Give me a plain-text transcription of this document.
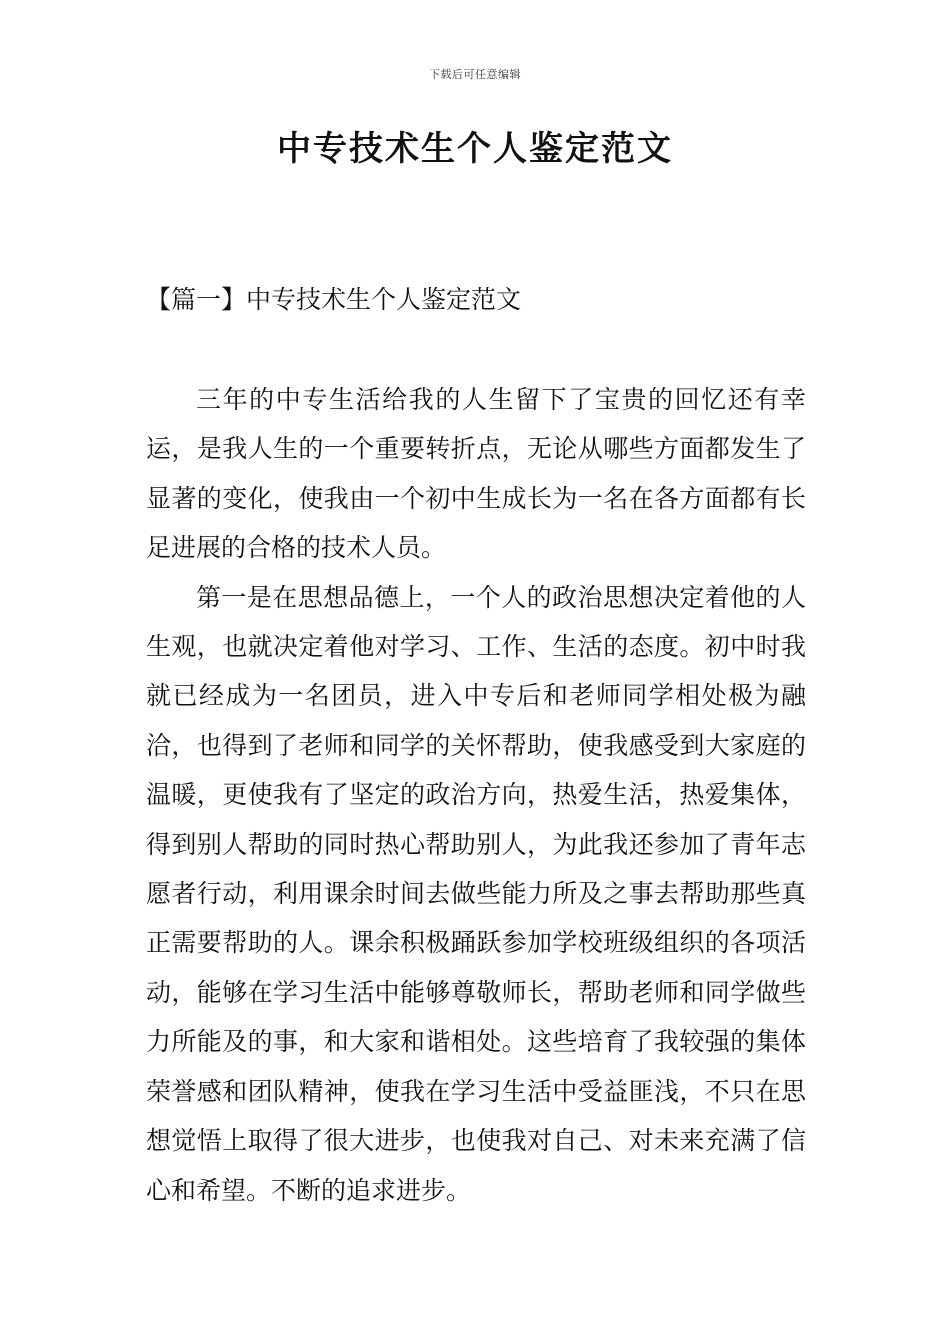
下载后可任意编辑
中专技术生个人鉴定范文
【篇一】中专技术生个人鉴定范文

三年的中专生活给我的人生留下了宝贵的回忆还有幸运，是我人生的一个重要转折点，无论从哪些方面都发生了显著的变化，使我由一个初中生成长为一名在各方面都有长足进展的合格的技术人员。

第一是在思想品德上，一个人的政治思想决定着他的人生观，也就决定着他对学习、工作、生活的态度。初中时我就已经成为一名团员，进入中专后和老师同学相处极为融洽，也得到了老师和同学的关怀帮助，使我感受到大家庭的温暖，更使我有了坚定的政治方向，热爱生活，热爱集体，得到别人帮助的同时热心帮助别人，为此我还参加了青年志愿者行动，利用课余时间去做些能力所及之事去帮助那些真正需要帮助的人。课余积极踊跃参加学校班级组织的各项活动，能够在学习生活中能够尊敬师长，帮助老师和同学做些力所能及的事，和大家和谐相处。这些培育了我较强的集体荣誉感和团队精神，使我在学习生活中受益匪浅，不只在思想觉悟上取得了很大进步，也使我对自己、对未来充满了信心和希望。不断的追求进步。
